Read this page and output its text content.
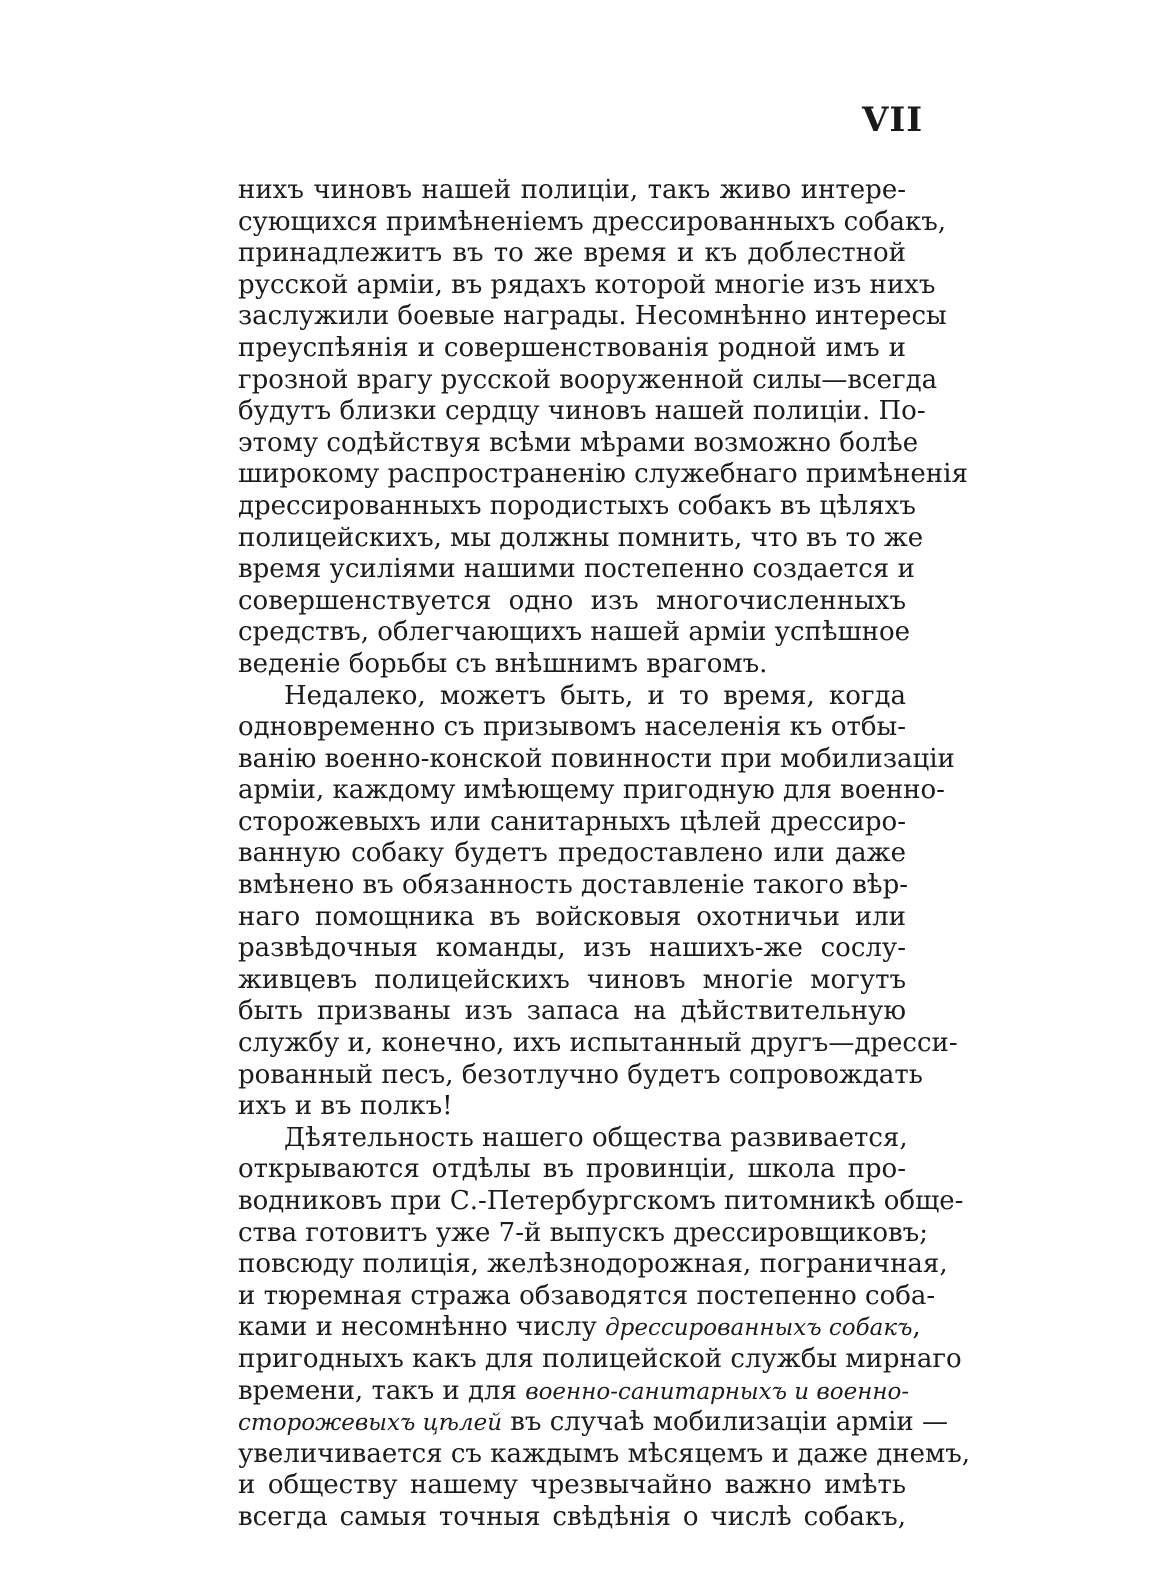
VII
нихъ чиновъ нашей полиціи, такъ живо интере-
сующихся примѣненіемъ дрессированныхъ собакъ,
принадлежитъ въ то же время и къ доблестной
русской арміи, въ рядахъ которой многіе изъ нихъ
заслужили боевые награды. Несомнѣнно интересы
преуспѣянія и совершенствованія родной имъ и
грозной врагу русской вооруженной силы—всегда
будутъ близки сердцу чиновъ нашей полиціи. По-
этому содѣйствуя всѣми мѣрами возможно болѣе
широкому распространенію служебнаго примѣненія
дрессированныхъ породистыхъ собакъ въ цѣляхъ
полицейскихъ, мы должны помнить, что въ то же
время усиліями нашими постепенно создается и
совершенствуется одно изъ многочисленныхъ
средствъ, облегчающихъ нашей арміи успѣшное
веденіе борьбы съ внѣшнимъ врагомъ.
Недалеко, можетъ быть, и то время, когда
одновременно съ призывомъ населенія къ отбы-
ванію военно-конской повинности при мобилизаціи
арміи, каждому имѣющему пригодную для военно-
сторожевыхъ или санитарныхъ цѣлей дрессиро-
ванную собаку будетъ предоставлено или даже
вмѣнено въ обязанность доставленіе такого вѣр-
наго помощника въ войсковыя охотничьи или
развѣдочныя команды, изъ нашихъ-же сослу-
живцевъ полицейскихъ чиновъ многіе могутъ
быть призваны изъ запаса на дѣйствительную
службу и, конечно, ихъ испытанный другъ—дресси-
рованный песъ, безотлучно будетъ сопровождать
ихъ и въ полкъ!
Дѣятельность нашего общества развивается,
открываются отдѣлы въ провинціи, школа про-
водниковъ при С.-Петербургскомъ питомникѣ обще-
ства готовитъ уже 7-й выпускъ дрессировщиковъ;
повсюду полиція, желѣзнодорожная, пограничная,
и тюремная стража обзаводятся постепенно соба-
ками и несомнѣнно числу дрессированныхъ собакъ,
пригодныхъ какъ для полицейской службы мирнаго
времени, такъ и для военно-санитарныхъ и военно-
сторожевыхъ цѣлей въ случаѣ мобилизаціи арміи —
увеличивается съ каждымъ мѣсяцемъ и даже днемъ,
и обществу нашему чрезвычайно важно имѣть
всегда самыя точныя свѣдѣнія о числѣ собакъ,
